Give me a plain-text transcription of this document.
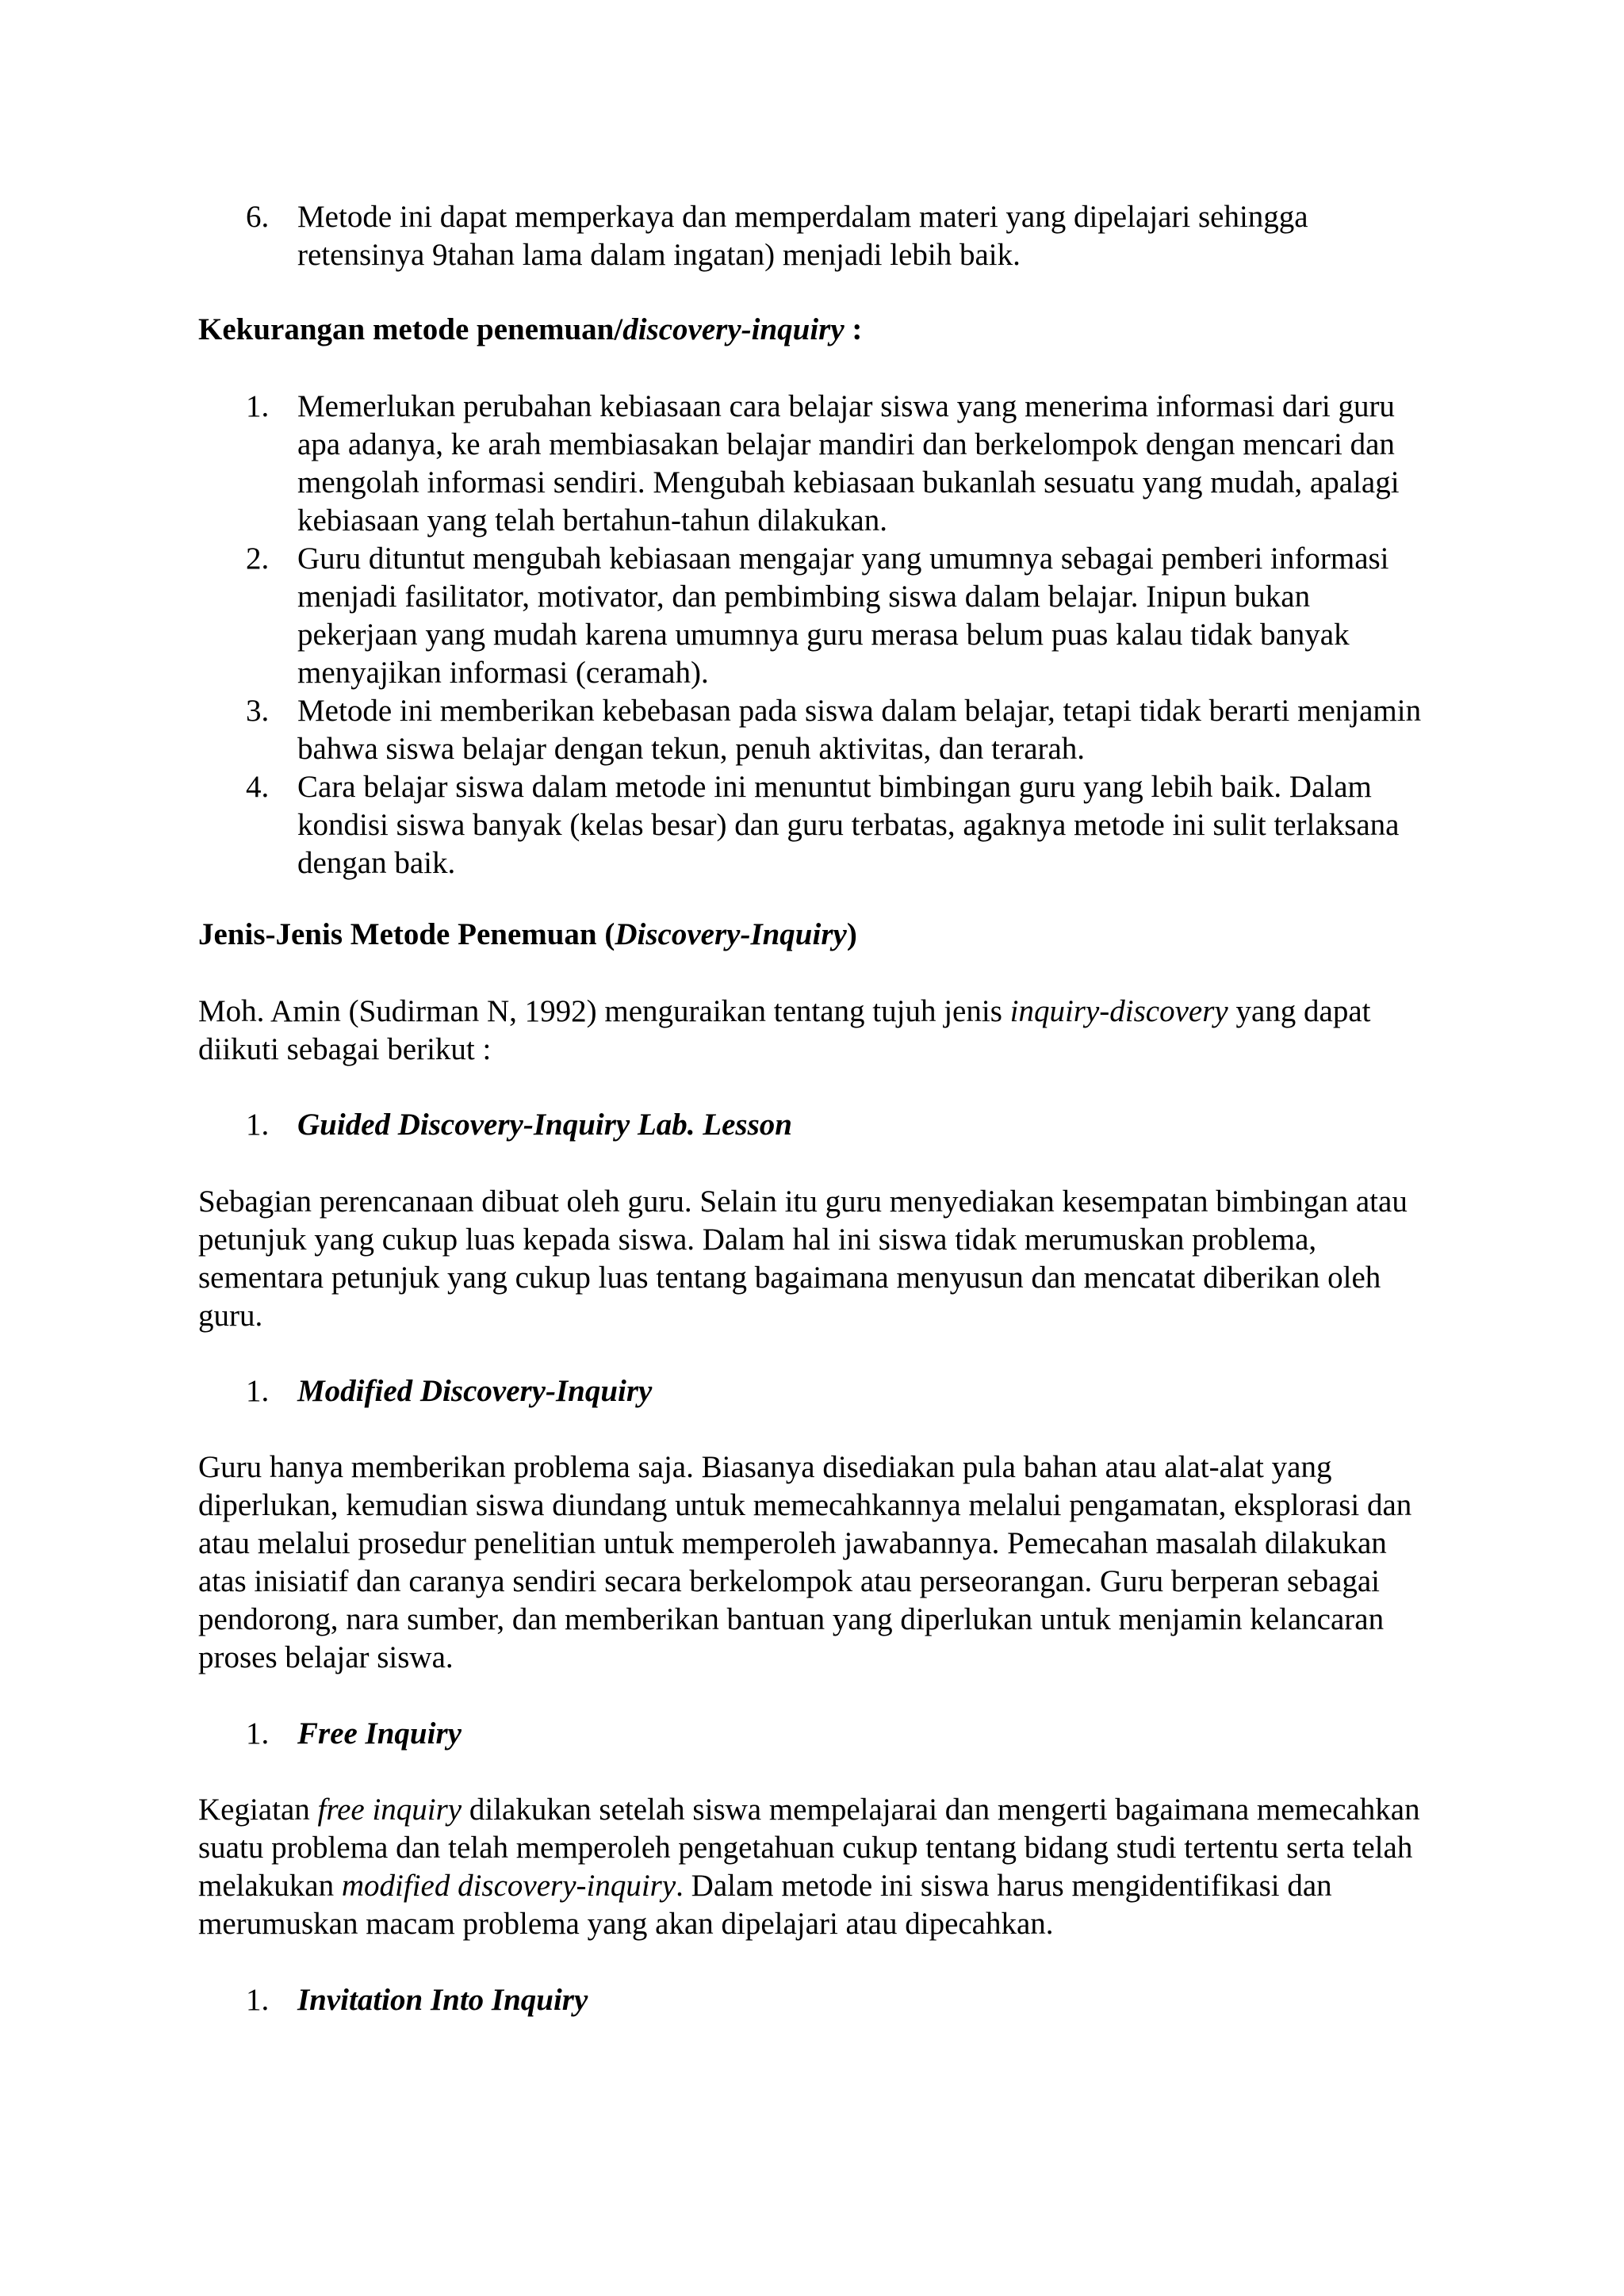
6. Metode ini dapat memperkaya dan memperdalam materi yang dipelajari sehingga retensinya 9tahan lama dalam ingatan) menjadi lebih baik.
Kekurangan metode penemuan/discovery-inquiry :
1. Memerlukan perubahan kebiasaan cara belajar siswa yang menerima informasi dari guru apa adanya, ke arah membiasakan belajar mandiri dan berkelompok dengan mencari dan mengolah informasi sendiri. Mengubah kebiasaan bukanlah sesuatu yang mudah, apalagi kebiasaan yang telah bertahun-tahun dilakukan.
2. Guru dituntut mengubah kebiasaan mengajar yang umumnya sebagai pemberi informasi menjadi fasilitator, motivator, dan pembimbing siswa dalam belajar. Inipun bukan pekerjaan yang mudah karena umumnya guru merasa belum puas kalau tidak banyak menyajikan informasi (ceramah).
3. Metode ini memberikan kebebasan pada siswa dalam belajar, tetapi tidak berarti menjamin bahwa siswa belajar dengan tekun, penuh aktivitas, dan terarah.
4. Cara belajar siswa dalam metode ini menuntut bimbingan guru yang lebih baik. Dalam kondisi siswa banyak (kelas besar) dan guru terbatas, agaknya metode ini sulit terlaksana dengan baik.
Jenis-Jenis Metode Penemuan (Discovery-Inquiry)
Moh. Amin (Sudirman N, 1992) menguraikan tentang tujuh jenis inquiry-discovery yang dapat diikuti sebagai berikut :
1. Guided Discovery-Inquiry Lab. Lesson
Sebagian perencanaan dibuat oleh guru. Selain itu guru menyediakan kesempatan bimbingan atau petunjuk yang cukup luas kepada siswa. Dalam hal ini siswa tidak merumuskan problema, sementara petunjuk yang cukup luas tentang bagaimana menyusun dan mencatat diberikan oleh guru.
1. Modified Discovery-Inquiry
Guru hanya memberikan problema saja. Biasanya disediakan pula bahan atau alat-alat yang diperlukan, kemudian siswa diundang untuk memecahkannya melalui pengamatan, eksplorasi dan atau melalui prosedur penelitian untuk memperoleh jawabannya. Pemecahan masalah dilakukan atas inisiatif dan caranya sendiri secara berkelompok atau perseorangan. Guru berperan sebagai pendorong, nara sumber, dan memberikan bantuan yang diperlukan untuk menjamin kelancaran proses belajar siswa.
1. Free Inquiry
Kegiatan free inquiry dilakukan setelah siswa mempelajarai dan mengerti bagaimana memecahkan suatu problema dan telah memperoleh pengetahuan cukup tentang bidang studi tertentu serta telah melakukan modified discovery-inquiry. Dalam metode ini siswa harus mengidentifikasi dan merumuskan macam problema yang akan dipelajari atau dipecahkan.
1. Invitation Into Inquiry
